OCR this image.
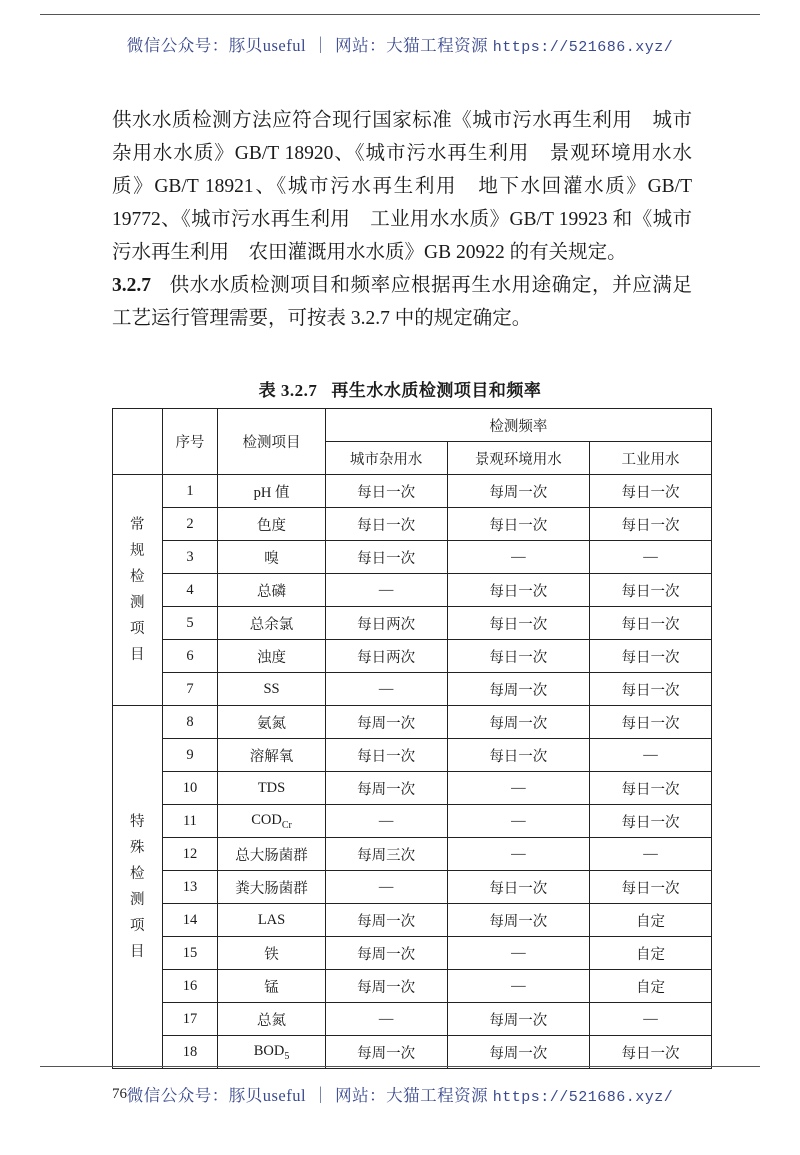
微信公众号：豚贝useful ｜ 网站：大猫工程资源 https://521686.xyz/

供水水质检测方法应符合现行国家标准《城市污水再生利用　城市杂用水水质》GB/T 18920、《城市污水再生利用　景观环境用水水质》GB/T 18921、《城市污水再生利用　地下水回灌水质》GB/T 19772、《城市污水再生利用　工业用水水质》GB/T 19923 和《城市污水再生利用　农田灌溉用水水质》GB 20922 的有关规定。

3.2.7 供水水质检测项目和频率应根据再生水用途确定，并应满足工艺运行管理需要，可按表 3.2.7 中的规定确定。

表 3.2.7 再生水水质检测项目和频率
	序号	检测项目	检测频率		
			城市杂用水	景观环境用水	工业用水

常
规
检
测
项
目
	1	pH 值	每日一次	每周一次	每日一次
	2	色度	每日一次	每日一次	每日一次
	3	嗅	每日一次	—	—
	4	总磷	—	每日一次	每日一次
	5	总余氯	每日两次	每日一次	每日一次
	6	浊度	每日两次	每日一次	每日一次
	7	SS	—	每周一次	每日一次

特
殊
检
测
项
目
	8	氨氮	每周一次	每周一次	每日一次
	9	溶解氧	每日一次	每日一次	—
	10	TDS	每周一次	—	每日一次
	11	$COD_{Cr}$	—	—	每日一次
	12	总大肠菌群	每周三次	—	—
	13	粪大肠菌群	—	每日一次	每日一次
	14	LAS	每周一次	每周一次	自定
	15	铁	每周一次	—	自定
	16	锰	每周一次	—	自定
	17	总氮	—	每周一次	—
	18	$BOD_5$	每周一次	每周一次	每日一次
76 微信公众号：豚贝useful ｜ 网站：大猫工程资源 https://521686.xyz/
